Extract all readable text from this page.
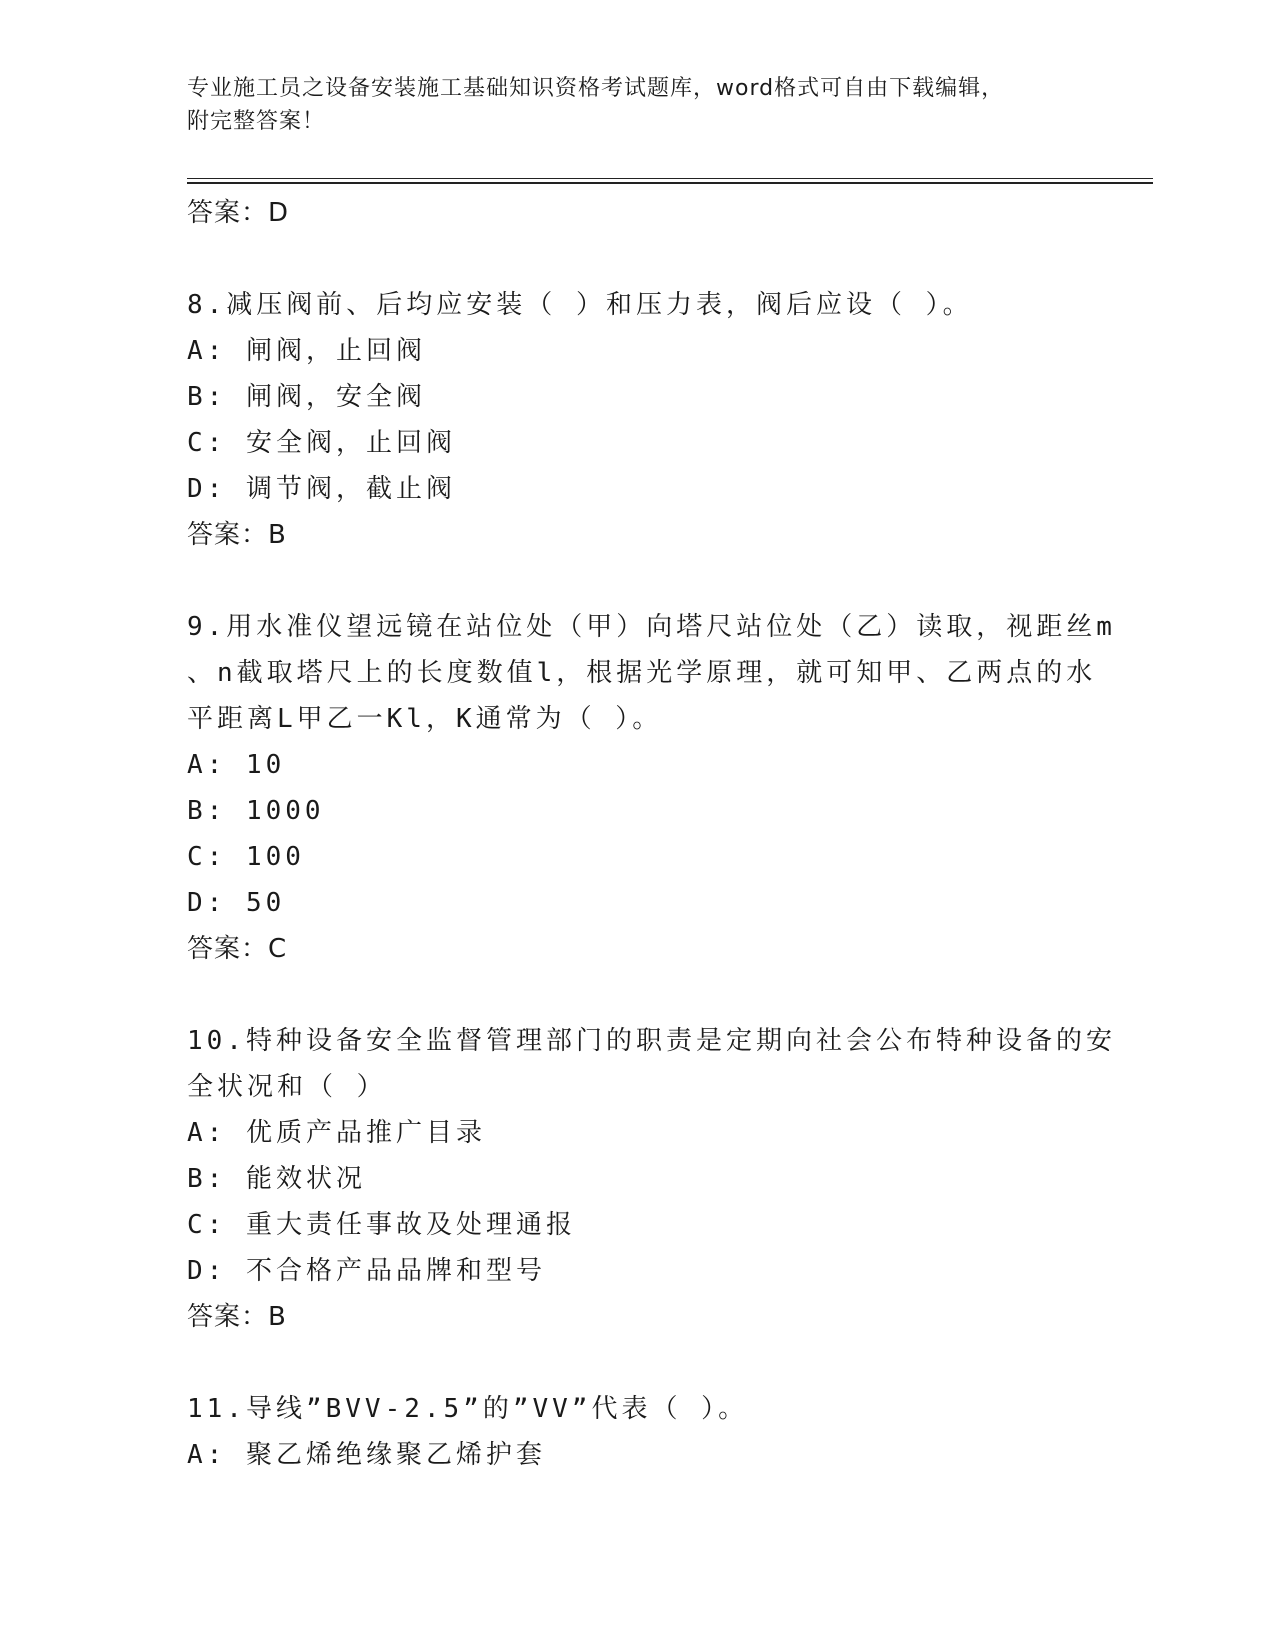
专业施工员之设备安装施工基础知识资格考试题库，word格式可自由下载编辑，
附完整答案！
答案：D
8.减压阀前、后均应安装（ ）和压力表，阀后应设（ ）。
A: 闸阀，止回阀
B: 闸阀，安全阀
C: 安全阀，止回阀
D: 调节阀，截止阀
答案：B
9.用水准仪望远镜在站位处（甲）向塔尺站位处（乙）读取，视距丝m
、n截取塔尺上的长度数值l，根据光学原理，就可知甲、乙两点的水
平距离L甲乙一Kl，K通常为（ ）。
A: 10
B: 1000
C: 100
D: 50
答案：C
10.特种设备安全监督管理部门的职责是定期向社会公布特种设备的安
全状况和（ ）
A: 优质产品推广目录
B: 能效状况
C: 重大责任事故及处理通报
D: 不合格产品品牌和型号
答案：B
11.导线”BVV-2.5”的”VV”代表（ ）。
A: 聚乙烯绝缘聚乙烯护套
